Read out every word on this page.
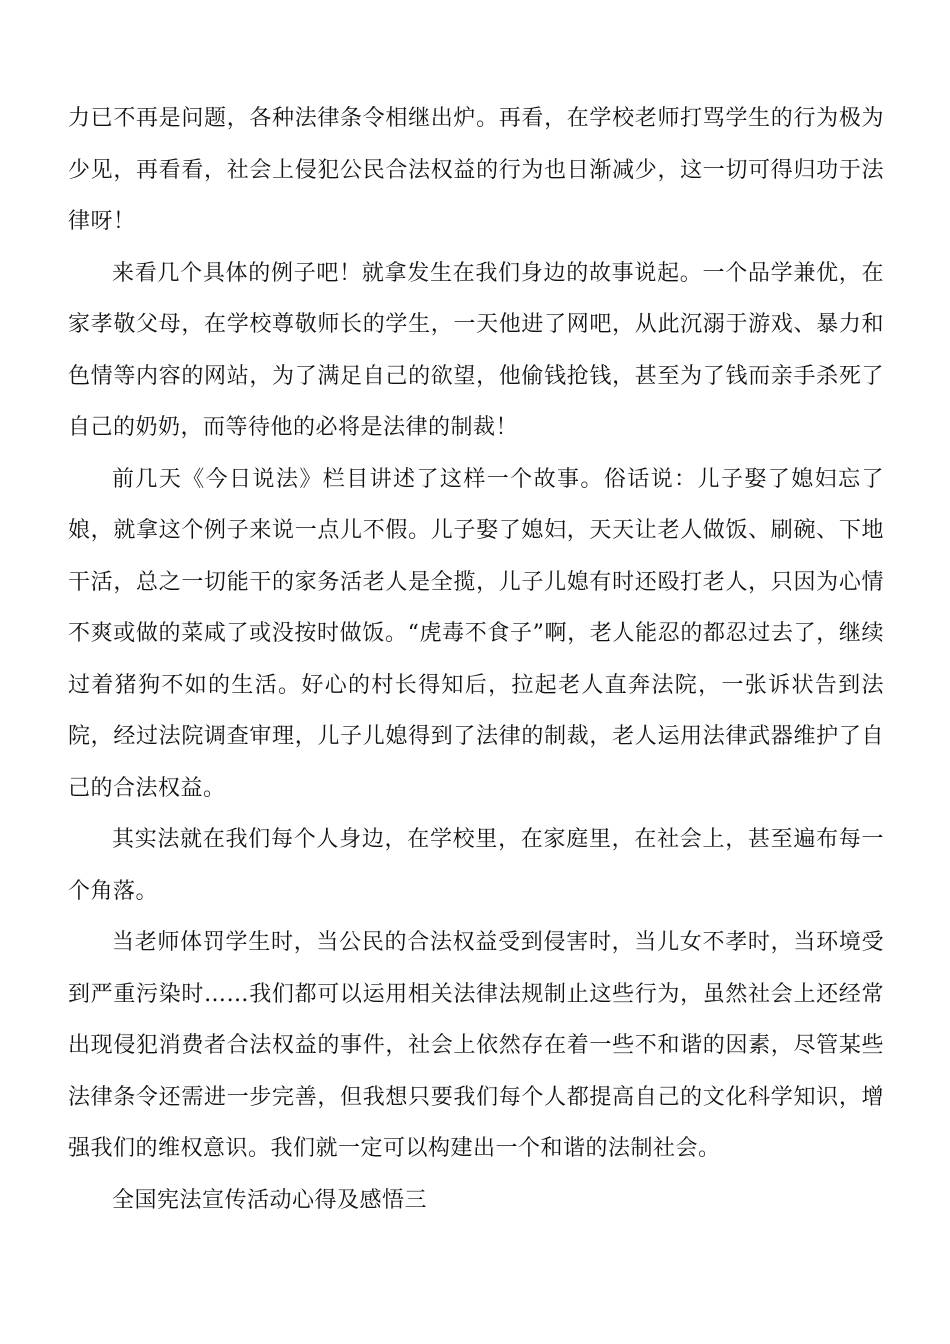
力已不再是问题，各种法律条令相继出炉。再看，在学校老师打骂学生的行为极为少见，再看看，社会上侵犯公民合法权益的行为也日渐减少，这一切可得归功于法律呀！

来看几个具体的例子吧！就拿发生在我们身边的故事说起。一个品学兼优，在家孝敬父母，在学校尊敬师长的学生，一天他进了网吧，从此沉溺于游戏、暴力和色情等内容的网站，为了满足自己的欲望，他偷钱抢钱，甚至为了钱而亲手杀死了自己的奶奶，而等待他的必将是法律的制裁！

前几天《今日说法》栏目讲述了这样一个故事。俗话说：儿子娶了媳妇忘了娘，就拿这个例子来说一点儿不假。儿子娶了媳妇，天天让老人做饭、刷碗、下地干活，总之一切能干的家务活老人是全揽，儿子儿媳有时还殴打老人，只因为心情不爽或做的菜咸了或没按时做饭。“虎毒不食子”啊，老人能忍的都忍过去了，继续过着猪狗不如的生活。好心的村长得知后，拉起老人直奔法院，一张诉状告到法院，经过法院调查审理，儿子儿媳得到了法律的制裁，老人运用法律武器维护了自己的合法权益。

其实法就在我们每个人身边，在学校里，在家庭里，在社会上，甚至遍布每一个角落。

当老师体罚学生时，当公民的合法权益受到侵害时，当儿女不孝时，当环境受到严重污染时……我们都可以运用相关法律法规制止这些行为，虽然社会上还经常出现侵犯消费者合法权益的事件，社会上依然存在着一些不和谐的因素，尽管某些法律条令还需进一步完善，但我想只要我们每个人都提高自己的文化科学知识，增强我们的维权意识。我们就一定可以构建出一个和谐的法制社会。

全国宪法宣传活动心得及感悟三
